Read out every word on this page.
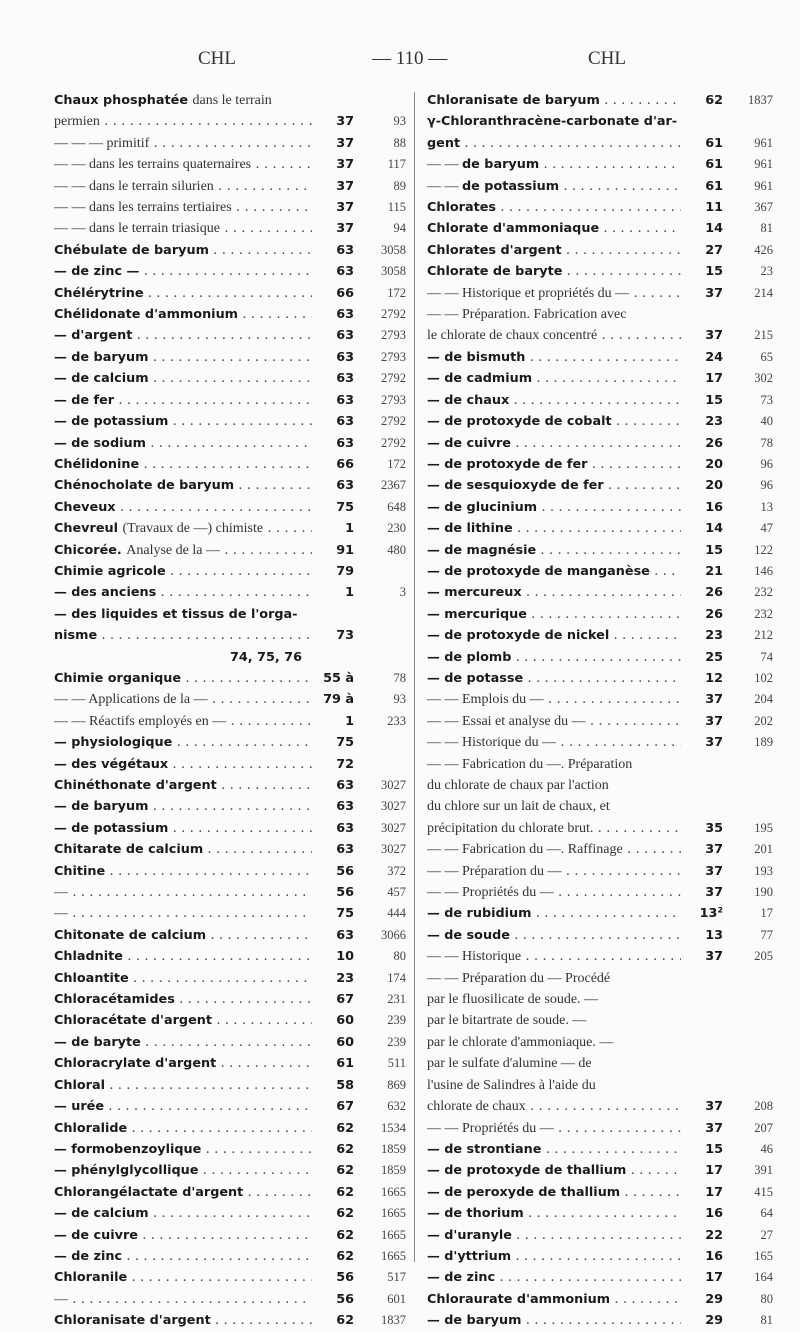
CHL	— 110 —	CHL
Chaux phosphatée dans le terrain
permien . . .	37	93
— — — primitif . . .	37	88
— — dans les terrains quaternaires . . .	37	117
— — dans le terrain silurien . . .	37	89
— — dans les terrains tertiaires . . .	37	115
— — dans le terrain triasique . . .	37	94
Chébulate de baryum . . .	63	3058
— de zinc — . . .	63	3058
Chélérytrine . . .	66	172
Chélidonate d'ammonium . . .	63	2792
— d'argent . . .	63	2793
— de baryum . . .	63	2793
— de calcium . . .	63	2792
— de fer . . .	63	2793
— de potassium . . .	63	2792
— de sodium . . .	63	2792
Chélidonine . . .	66	172
Chénocholate de baryum . . .	63	2367
Cheveux . . .	75	648
Chevreul (Travaux de —) chimiste . . .	1	230
Chicorée. Analyse de la — . . .	91	480
Chimie agricole . . .	79
— des anciens . . .	1	3
— des liquides et tissus de l'orga-
nisme . . .	73
74, 75, 76
Chimie organique . . .	55 à	78
— — Applications de la — . . .	79 à	93
— — Réactifs employés en — . . .	1	233
— physiologique . . .	75
— des végétaux . . .	72
Chinéthonate d'argent . . .	63	3027
— de baryum . . .	63	3027
— de potassium . . .	63	3027
Chitarate de calcium . . .	63	3027
Chitine . . .	56	372
— . . .	56	457
— . . .	75	444
Chitonate de calcium . . .	63	3066
Chladnite . . .	10	80
Chloantite . . .	23	174
Chloracétamides . . .	67	231
Chloracétate d'argent . . .	60	239
— de baryte . . .	60	239
Chloracrylate d'argent . . .	61	511
Chloral . . .	58	869
— urée . . .	67	632
Chloralide . . .	62	1534
— formobenzoylique . . .	62	1859
— phénylglycollique . . .	62	1859
Chlorangélactate d'argent . . .	62	1665
— de calcium . . .	62	1665
— de cuivre . . .	62	1665
— de zinc . . .	62	1665
Chloranile . . .	56	517
— . . .	56	601
Chloranisate d'argent . . .	62	1837
Chloranisate de baryum . . .	62	1837
γ-Chloranthracène-carbonate d'ar-
gent . . .	61	961
— — de baryum . . .	61	961
— — de potassium . . .	61	961
Chlorates . . .	11	367
Chlorate d'ammoniaque . . .	14	81
Chlorates d'argent . . .	27	426
Chlorate de baryte . . .	15	23
— — Historique et propriétés du — . . .	37	214
— — Préparation. Fabrication avec
le chlorate de chaux concentré . . .	37	215
— de bismuth . . .	24	65
— de cadmium . . .	17	302
— de chaux . . .	15	73
— de protoxyde de cobalt . . .	23	40
— de cuivre . . .	26	78
— de protoxyde de fer . . .	20	96
— de sesquioxyde de fer . . .	20	96
— de glucinium . . .	16	13
— de lithine . . .	14	47
— de magnésie . . .	15	122
— de protoxyde de manganèse . . .	21	146
— mercureux . . .	26	232
— mercurique . . .	26	232
— de protoxyde de nickel . . .	23	212
— de plomb . . .	25	74
— de potasse . . .	12	102
— — Emplois du — . . .	37	204
— — Essai et analyse du — . . .	37	202
— — Historique du — . . .	37	189
— — Fabrication du —. Préparation
du chlorate de chaux par l'action
du chlore sur un lait de chaux, et
précipitation du chlorate brut. . . .	35	195
— — Fabrication du —. Raffinage . . .	37	201
— — Préparation du — . . .	37	193
— — Propriétés du — . . .	37	190
— de rubidium . . .	13²	17
— de soude . . .	13	77
— — Historique . . .	37	205
— — Préparation du — Procédé
par le fluosilicate de soude. —
par le bitartrate de soude. —
par le chlorate d'ammoniaque. —
par le sulfate d'alumine — de
l'usine de Salindres à l'aide du
chlorate de chaux . . .	37	208
— — Propriétés du — . . .	37	207
— de strontiane . . .	15	46
— de protoxyde de thallium . . .	17	391
— de peroxyde de thallium . . .	17	415
— de thorium . . .	16	64
— d'uranyle . . .	22	27
— d'yttrium . . .	16	165
— de zinc . . .	17	164
Chloraurate d'ammonium . . .	29	80
— de baryum . . .	29	81
